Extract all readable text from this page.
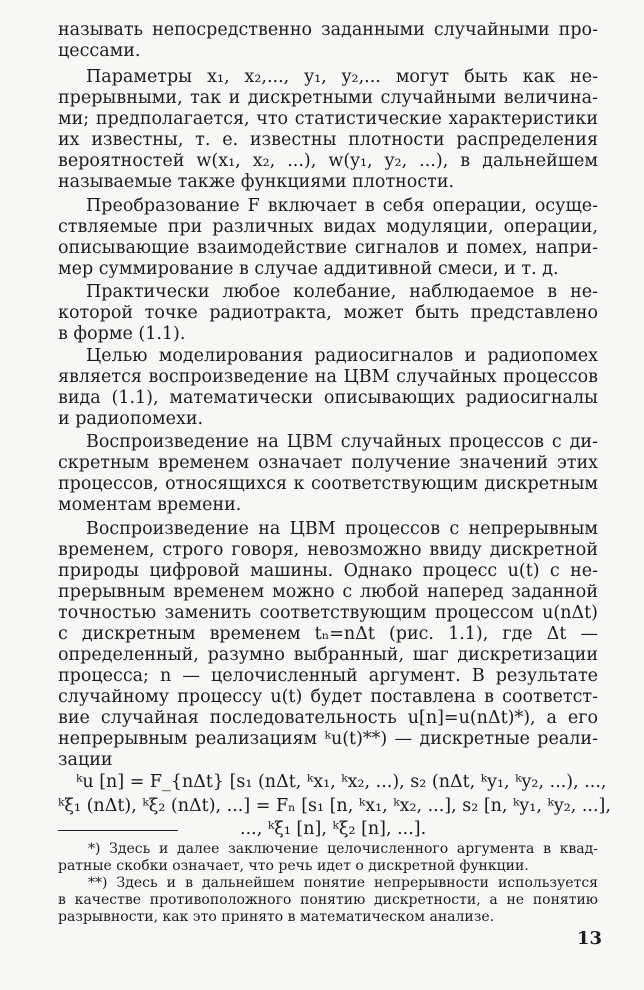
называть непосредственно заданными случайными про-

цессами.

Параметры x₁, x₂,..., y₁, y₂,... могут быть как не-

прерывными, так и дискретными случайными величина-

ми; предполагается, что статистические характеристики

их известны, т. е. известны плотности распределения

вероятностей w(x₁, x₂, ...), w(y₁, y₂, ...), в дальнейшем

называемые также функциями плотности.

Преобразование F включает в себя операции, осуще-

ствляемые при различных видах модуляции, операции,

описывающие взаимодействие сигналов и помех, напри-

мер суммирование в случае аддитивной смеси, и т. д.

Практически любое колебание, наблюдаемое в не-

которой точке радиотракта, может быть представлено

в форме (1.1).

Целью моделирования радиосигналов и радиопомех

является воспроизведение на ЦВМ случайных процессов

вида (1.1), математически описывающих радиосигналы

и радиопомехи.

Воспроизведение на ЦВМ случайных процессов с ди-

скретным временем означает получение значений этих

процессов, относящихся к соответствующим дискретным

моментам времени.

Воспроизведение на ЦВМ процессов с непрерывным

временем, строго говоря, невозможно ввиду дискретной

природы цифровой машины. Однако процесс u(t) с не-

прерывным временем можно с любой наперед заданной

точностью заменить соответствующим процессом u(nΔt)

с дискретным временем tₙ=nΔt (рис. 1.1), где Δt —

определенный, разумно выбранный, шаг дискретизации

процесса; n — целочисленный аргумент. В результате

случайному процессу u(t) будет поставлена в соответст-

вие случайная последовательность u[n]=u(nΔt)*), а его

непрерывным реализациям ᵏu(t)**) — дискретные реали-

зации

ᵏu [n] = F_{nΔt} [s₁ (nΔt, ᵏx₁, ᵏx₂, ...), s₂ (nΔt, ᵏy₁, ᵏy₂, ...), ...,

ᵏξ₁ (nΔt), ᵏξ₂ (nΔt), ...] = Fₙ [s₁ [n, ᵏx₁, ᵏx₂, ...], s₂ [n, ᵏy₁, ᵏy₂, ...],

..., ᵏξ₁ [n], ᵏξ₂ [n], ...].

*) Здесь и далее заключение целочисленного аргумента в квад-

ратные скобки означает, что речь идет о дискретной функции.

**) Здесь и в дальнейшем понятие непрерывности используется

в качестве противоположного понятию дискретности, а не понятию

разрывности, как это принято в математическом анализе.

13
